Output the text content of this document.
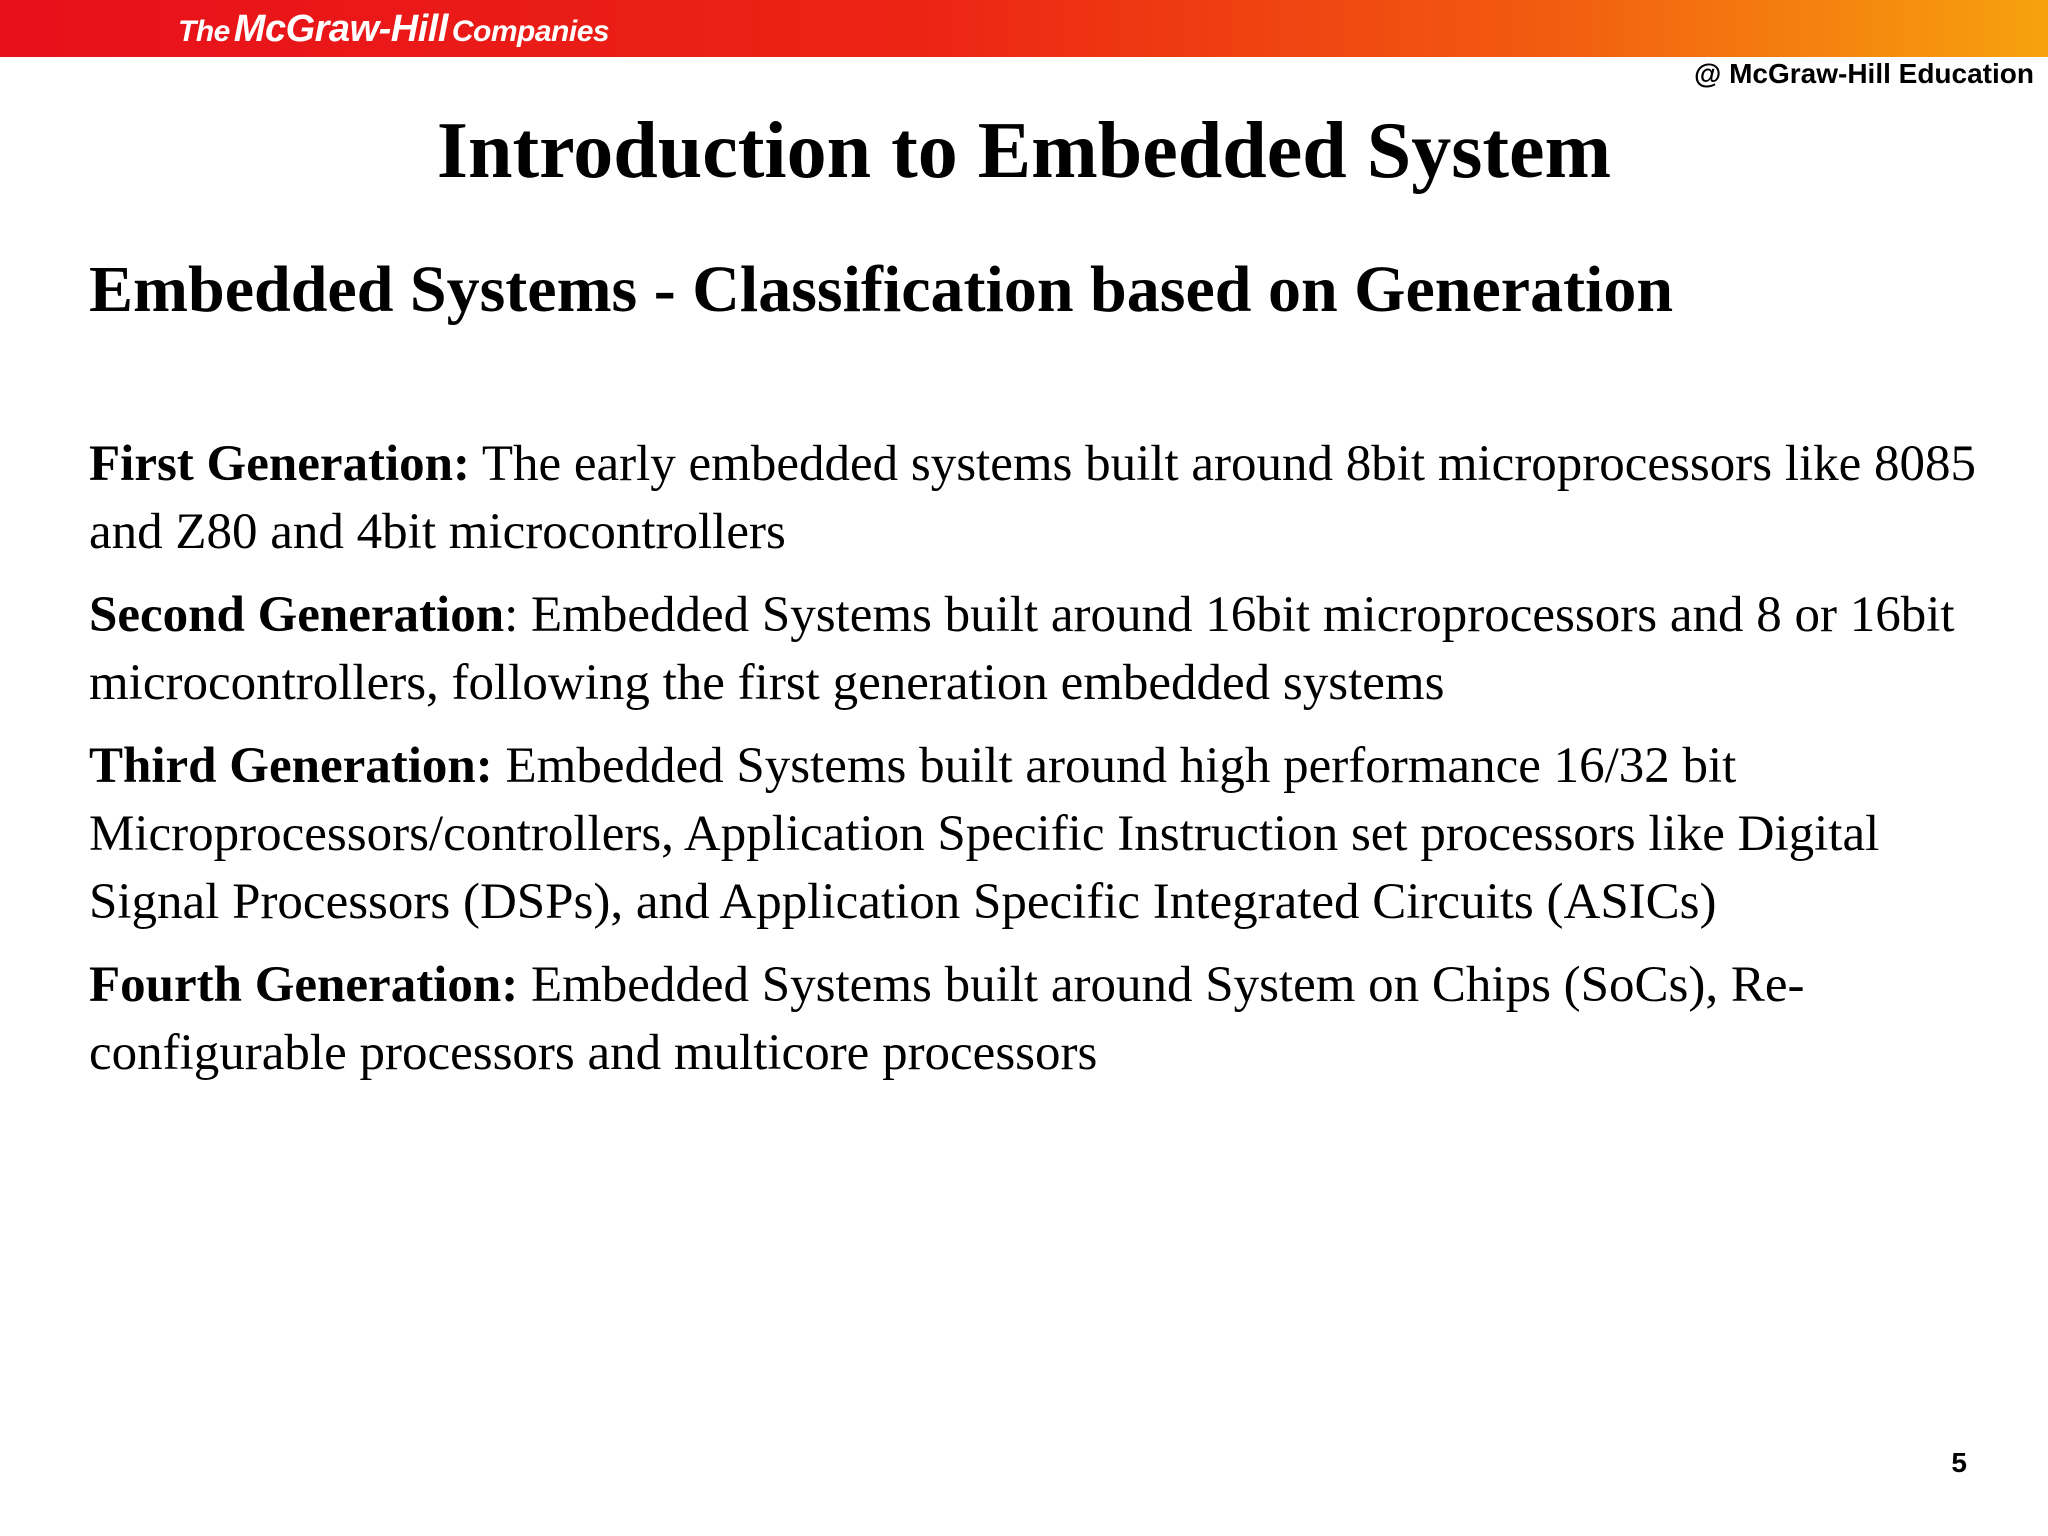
The McGraw-Hill Companies
@ McGraw-Hill Education
Introduction to Embedded System
Embedded Systems - Classification based on Generation

First Generation: The early embedded systems built around 8bit microprocessors like 8085 and Z80 and 4bit microcontrollers

Second Generation: Embedded Systems built around 16bit microprocessors and 8 or 16bit microcontrollers, following the first generation embedded systems

Third Generation: Embedded Systems built around high performance 16/32 bit Microprocessors/controllers, Application Specific Instruction set processors like Digital Signal Processors (DSPs), and Application Specific Integrated Circuits (ASICs)

Fourth Generation: Embedded Systems built around System on Chips (SoCs), Re-configurable processors and multicore processors

5
